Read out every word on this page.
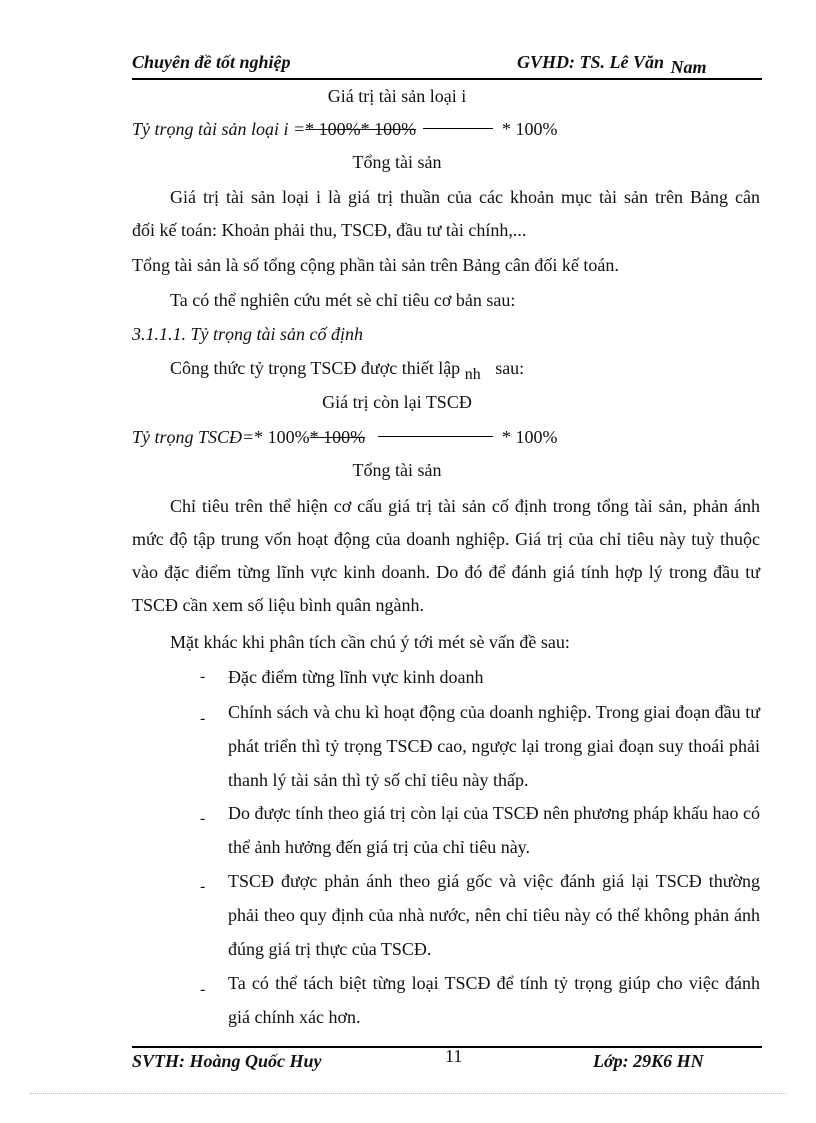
Chuyên đề tốt nghiệp	GVHD: TS. Lê Văn Nam
Giá trị tài sản loại i
Tỷ trọng tài sản loại i =* 100%* 100%	* 100%
Tổng tài sản
Giá trị tài sản loại i là giá trị thuần của các khoản mục tài sản trên Bảng cân
đối kế toán: Khoản phải thu, TSCĐ, đầu tư tài chính,...
Tổng tài sản là số tổng cộng phần tài sản trên Bảng cân đối kế toán.
Ta có thể nghiên cứu mét sè chỉ tiêu cơ bản sau:
3.1.1.1. Tỷ trọng tài sản cố định
Công thức tỷ trọng TSCĐ được thiết lập nh sau:
Giá trị còn lại TSCĐ
Tỷ trọng TSCĐ=* 100%* 100%	* 100%
Tổng tài sản
Chỉ tiêu trên thể hiện cơ cấu giá trị tài sản cố định trong tổng tài sản, phản ánh mức độ tập trung vốn hoạt động của doanh nghiệp. Giá trị của chỉ tiêu này tuỳ thuộc vào đặc điểm từng lĩnh vực kinh doanh. Do đó để đánh giá tính hợp lý trong đầu tư TSCĐ cần xem số liệu bình quân ngành.
Mặt khác khi phân tích cần chú ý tới mét sè vấn đề sau:
- Đặc điểm từng lĩnh vực kinh doanh
- Chính sách và chu kì hoạt động của doanh nghiệp. Trong giai đoạn đầu tư phát triển thì tỷ trọng TSCĐ cao, ngược lại trong giai đoạn suy thoái phải thanh lý tài sản thì tỷ số chỉ tiêu này thấp.
- Do được tính theo giá trị còn lại của TSCĐ nên phương pháp khấu hao có thể ảnh hưởng đến giá trị của chỉ tiêu này.
- TSCĐ được phản ánh theo giá gốc và việc đánh giá lại TSCĐ thường phải theo quy định của nhà nước, nên chỉ tiêu này có thể không phản ánh đúng giá trị thực của TSCĐ.
- Ta có thể tách biệt từng loại TSCĐ để tính tỷ trọng giúp cho việc đánh giá chính xác hơn.
SVTH: Hoàng Quốc Huy	11	Lớp: 29K6 HN
